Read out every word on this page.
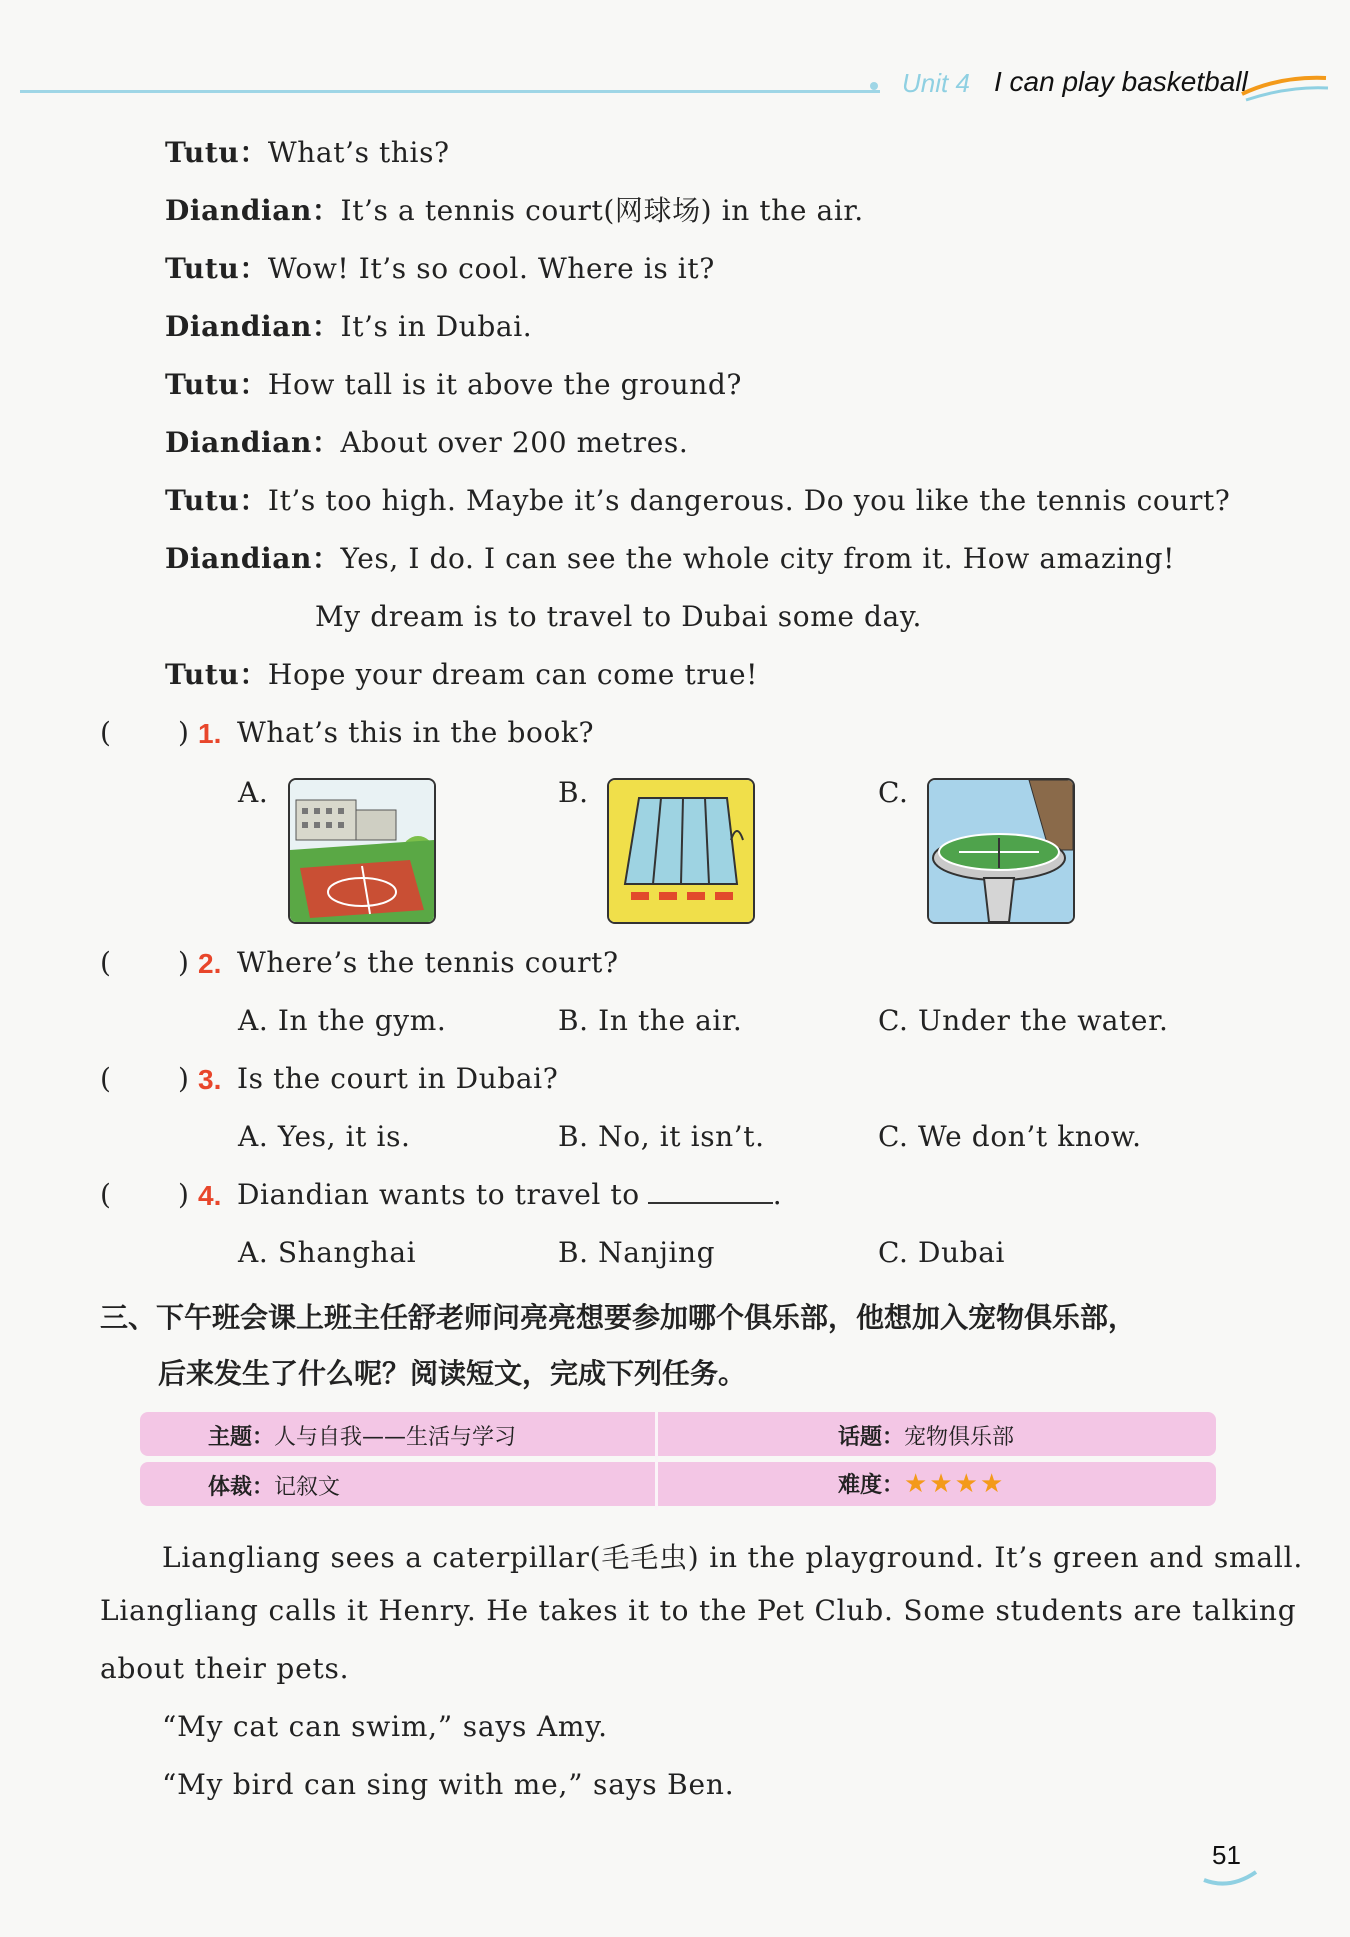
Unit 4 I can play basketball
Tutu：What’s this?
Diandian：It’s a tennis court(网球场) in the air.
Tutu：Wow! It’s so cool. Where is it?
Diandian：It’s in Dubai.
Tutu：How tall is it above the ground?
Diandian：About over 200 metres.
Tutu：It’s too high. Maybe it’s dangerous. Do you like the tennis court?
Diandian：Yes, I do. I can see the whole city from it. How amazing!
My dream is to travel to Dubai some day.
Tutu：Hope your dream can come true!
( ) 1. What’s this in the book?
A.	B.	C.
( ) 2. Where’s the tennis court?
A. In the gym.	B. In the air.	C. Under the water.
( ) 3. Is the court in Dubai?
A. Yes, it is.	B. No, it isn’t.	C. We don’t know.
( ) 4. Diandian wants to travel to	.
A. Shanghai	B. Nanjing	C. Dubai
三、下午班会课上班主任舒老师问亮亮想要参加哪个俱乐部，他想加入宠物俱乐部，
后来发生了什么呢？阅读短文，完成下列任务。
主题：人与自我——生活与学习	话题：宠物俱乐部
体裁：记叙文	难度：★★★★
Liangliang sees a caterpillar(毛毛虫) in the playground. It’s green and small.
Liangliang calls it Henry. He takes it to the Pet Club. Some students are talking
about their pets.
“My cat can swim,” says Amy.
“My bird can sing with me,” says Ben.
51
